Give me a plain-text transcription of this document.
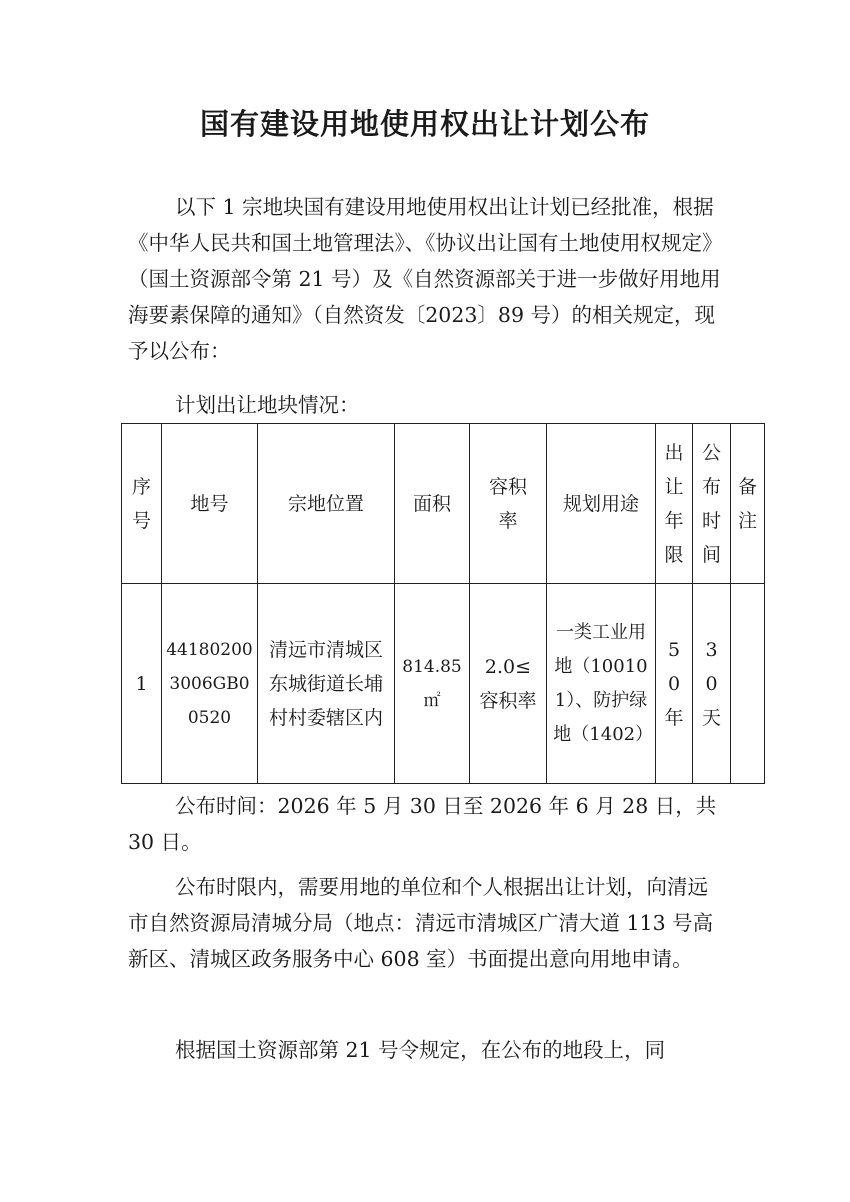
国有建设用地使用权出让计划公布

以下 1 宗地块国有建设用地使用权出让计划已经批准，根据《中华人民共和国土地管理法》、《协议出让国有土地使用权规定》（国土资源部令第 21 号）及《自然资源部关于进一步做好用地用海要素保障的通知》（自然资发〔2023〕89 号）的相关规定，现予以公布：

计划出让地块情况：

序号	地号	宗地位置	面积	容积率	规划用途	出让年限	公布时间	备注
1	441802003006GB00520	清远市清城区东城街道长埔村村委辖区内	814.85㎡	2.0≤容积率	一类工业用地（100101）、防护绿地（1402）	50年	30天	

公布时间：2026 年 5 月 30 日至 2026 年 6 月 28 日，共 30 日。

公布时限内，需要用地的单位和个人根据出让计划，向清远市自然资源局清城分局（地点：清远市清城区广清大道 113 号高新区、清城区政务服务中心 608 室）书面提出意向用地申请。

根据国土资源部第 21 号令规定，在公布的地段上，同
